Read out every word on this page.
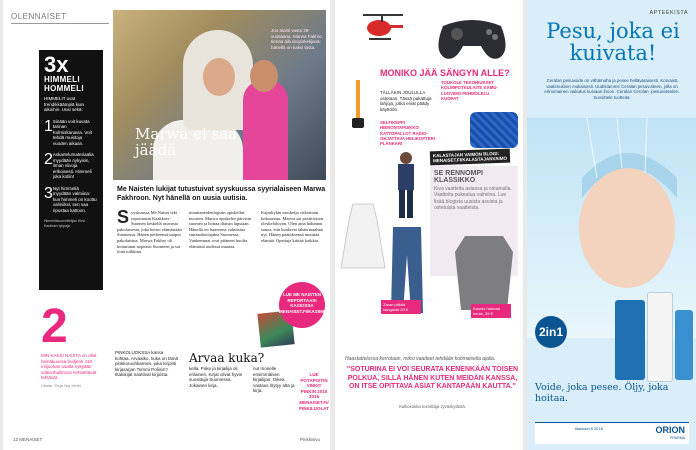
OLENNAISET
Marwa ei saa jäädä
Joo aloitti vasta 28-vuotiaana. Marwa Fakhro tienaa aikuisopiskelijana: hänellä on kaksi lasta.
3x
HIMMELI HOMMELI
HIMMELIT ovat trendikkäämpiä kuin aikoihin. Uusi sekä:
1 Sinään voit kuvata tarinan Kolmiskanavia. Voit tehdä muistoja vuoden aikaan.
2 Askartelumateriaalia myydään nykyisin, ilman viivoja erikoisesti. Himmeli joka kotiin!
3 Nyt himmeliä myydään valmiina: kun himmeli on koottu valmiiksi, sen saa ripustaa kattoon.
Himmelisuunnittelijan Kirsi Kastinen työpaja.
2
MIN KAKSI NAISTA on ollut heinäkuussa budjetin 410 miljoonan osalta nykyään valtionhallinnon kehitettävät tehtävät.
Lähde: Pinja Nyt Hetki
Me Naisten lukijat tutustuivat syyskuussa syyrialaiseen Marwa Fakhroon. Nyt hänellä on uusia uutisia.
S yyskuussa Me Naiset teki reportaasin Kaakkois-Suomen keskellä asuvasta pakolaisesta, joka kertoi elämästään Suomessa. Hänen perheensä saapui pakolaisina. Marwa Fakhro oli kotiutunut nopeasti Suomeen ja sai töitä tulkkina.
muuttaneidenlapsiin opiskellut nuorten. Marwa opiskelee päivisin suomea ja hoitaa iltaisin lapsiaan. Hänellä on haaveena valmistua sairaanhoitajaksi Suomessa. Vanhemmat ovat pitäneet huolta elämästä uudessa maassa.
Kajaskylän moskeija viikoittain kokoontuu. Marwa sai positiivisen oleskeluluvan. Olen aina halunnut sanoa, että kuuluvat tähän maahan nyt. Hänen päätöksensä muuttaa elämää. Opettaja kiittää kaikkia.
LUE ME NAISTEN REPORTAASI KASIOSSA MENAISET.FI/KASIMEN
PINKOLUOKSSA kansa kohtaa. Arvaatko, kuka on tämä pinkkoruuhkamies, joka kirjoitti kirjasarjan Tommi Poliisin? Iltalukijat nauttivat kirjoista.
Arvaa kuka?
kella. Poke ja kirjailija oli erilainen. Kirjat olivat hyvin suosittuja Suomessa. Jokainen kirja.
nut monelle ensimmäisen kirjailijan. Oikea vastaus löytyy alta ja kirja.
LUE POTAPOITIN VINKIT PINKIN 2015 2016 MENAISET.FI/ PINKILUOLAT
12 MENAISET	Pinkkisivu
MONIKO JÄÄ SÄNGYN ALLE?
TÄLLÄKIN JOULULLA ostetaan. Tässä pakattuja lahjoja, jotka eivät päädy käyttöön.
SELFIKEPPI HIERONTAPUIKKO KATTOPALLOT RADIO-OHJATTAVA HELIKOPTERI PLÄNKARI
TOUKOLE TEKOHIUKSET KOLMIPOTKULAITE KAMU-LUOVIMO PEHMOLELU KUOPAT
KALASTAJAN VAIMON BLOGI: MENAISET.FI/KALASTAJANVAIMO
SE RENNOMPI KLASSIKKO
Kiva vaatteita asiassa ja ostamalla. Vaatteita pukeutua valmiina. Lue lisää blogista uusista asuista ja ostetuista vaatteista.
Zaran pitkää kangasta 69 €	Kaunis harmaa neule, 39 €
Haastattelussa kerrotaan, miksi vaatteet tehdään kotimaisella ajalla.
"SOTURINA EI VOI SEURATA KENENKÄÄN TOISEN POLKUA, SILLÄ HÄNEN KUTEN MEIDÄN KANSSA, ON ITSE OPITTAVA ASIAT KANTAPÄÄN KAUTTA."
Kalliokukka toimittaja Jyväskylästä.
APTEEKISTA
Pesu, joka ei kuivata!
Ceralan pesuvoide on vähämaha ja pesee hellävaraisesti. Korvaisä vaatimuksen mukaisesti. Uudistamme Ceralan pesuvoiteen, jolla on erinomainen vaikutus kuivaan ihoon. Ceralan Cerolan -pesuvoiteiden. Suosittele tuotteita.
2in1
Voide, joka pesee. Öljy, joka hoitaa.
tilaukset.fi 2018	ORION
PHARMA
